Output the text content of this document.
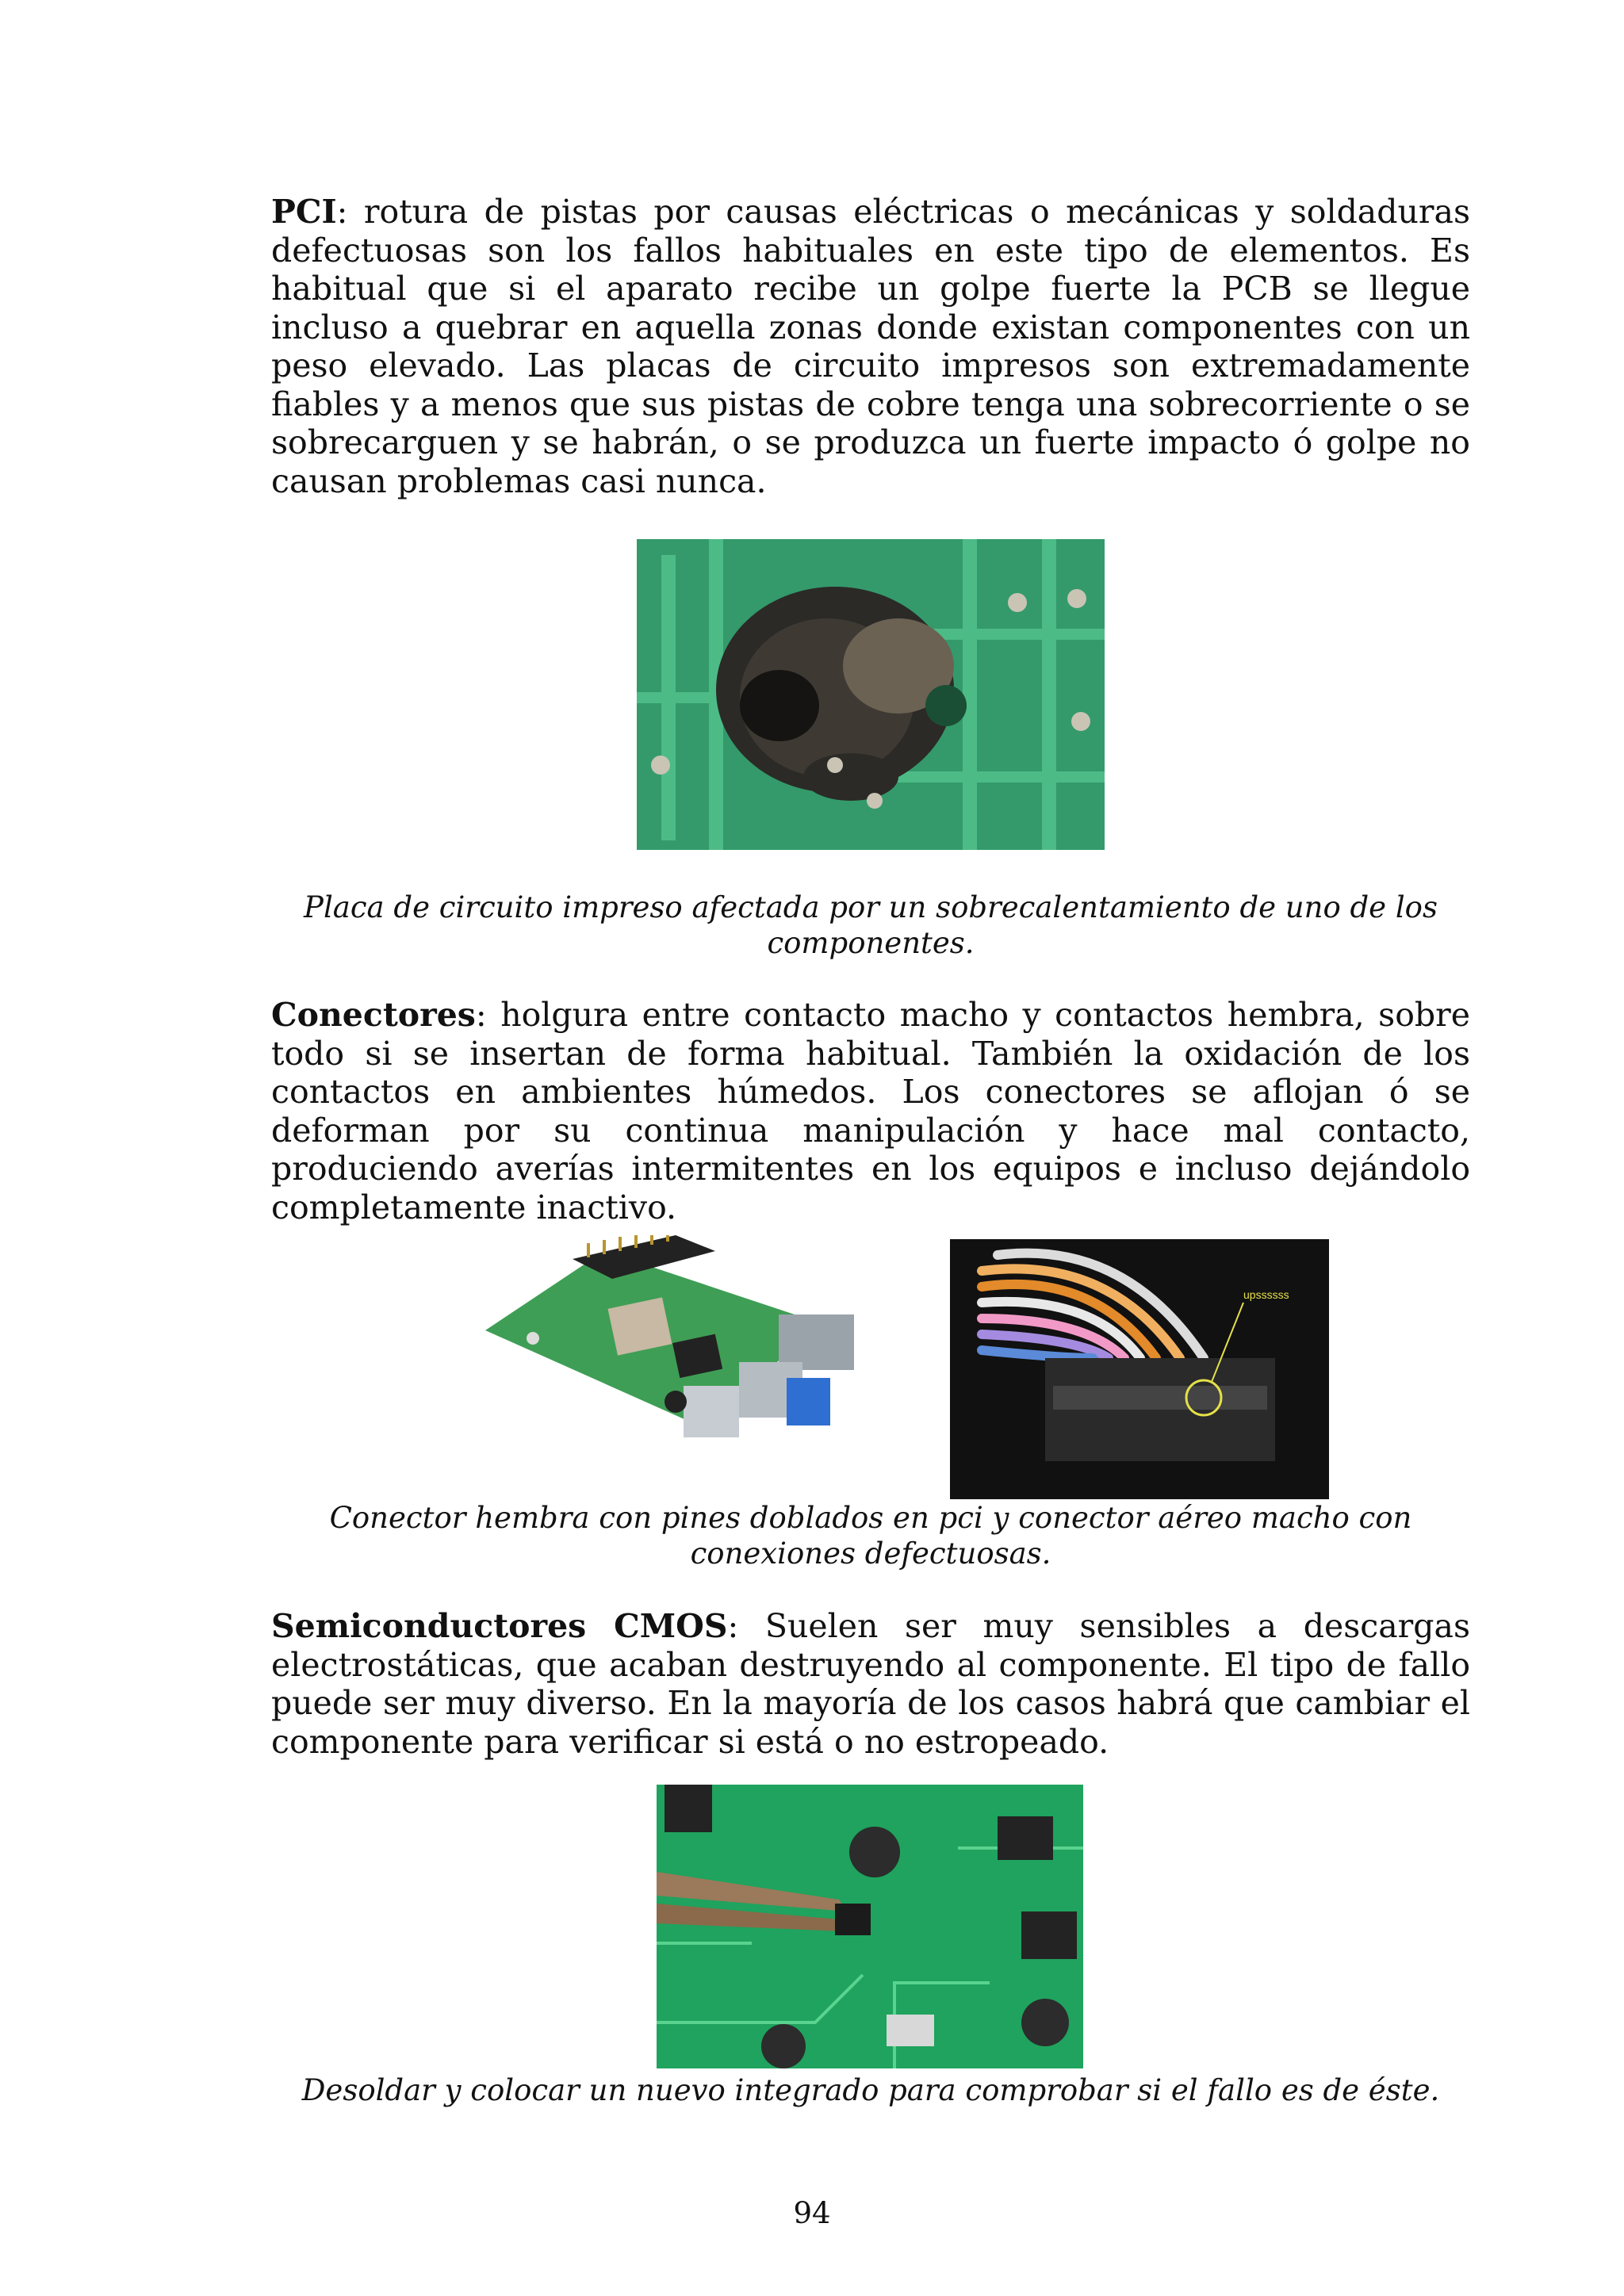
PCI: rotura de pistas por causas eléctricas o mecánicas y soldaduras defectuosas son los fallos habituales en este tipo de elementos. Es habitual que si el aparato recibe un golpe fuerte la PCB se llegue incluso a quebrar en aquella zonas donde existan componentes con un peso elevado. Las placas de circuito impresos son extremadamente fiables y a menos que sus pistas de cobre tenga una sobrecorriente o se sobrecarguen y se habrán, o se produzca un fuerte impacto ó golpe no causan problemas casi nunca.

Placa de circuito impreso afectada por un sobrecalentamiento de uno de los componentes.

Conectores: holgura entre contacto macho y contactos hembra, sobre todo si se insertan de forma habitual. También la oxidación de los contactos en ambientes húmedos. Los conectores se aflojan ó se deforman por su continua manipulación y hace mal contacto, produciendo averías intermitentes en los equipos e incluso dejándolo completamente inactivo.

upssssss

Conector hembra con pines doblados en pci y conector aéreo macho con conexiones defectuosas.

Semiconductores CMOS: Suelen ser muy sensibles a descargas electrostáticas, que acaban destruyendo al componente. El tipo de fallo puede ser muy diverso. En la mayoría de los casos habrá que cambiar el componente para verificar si está o no estropeado.

Desoldar y colocar un nuevo integrado para comprobar si el fallo es de éste.

94
